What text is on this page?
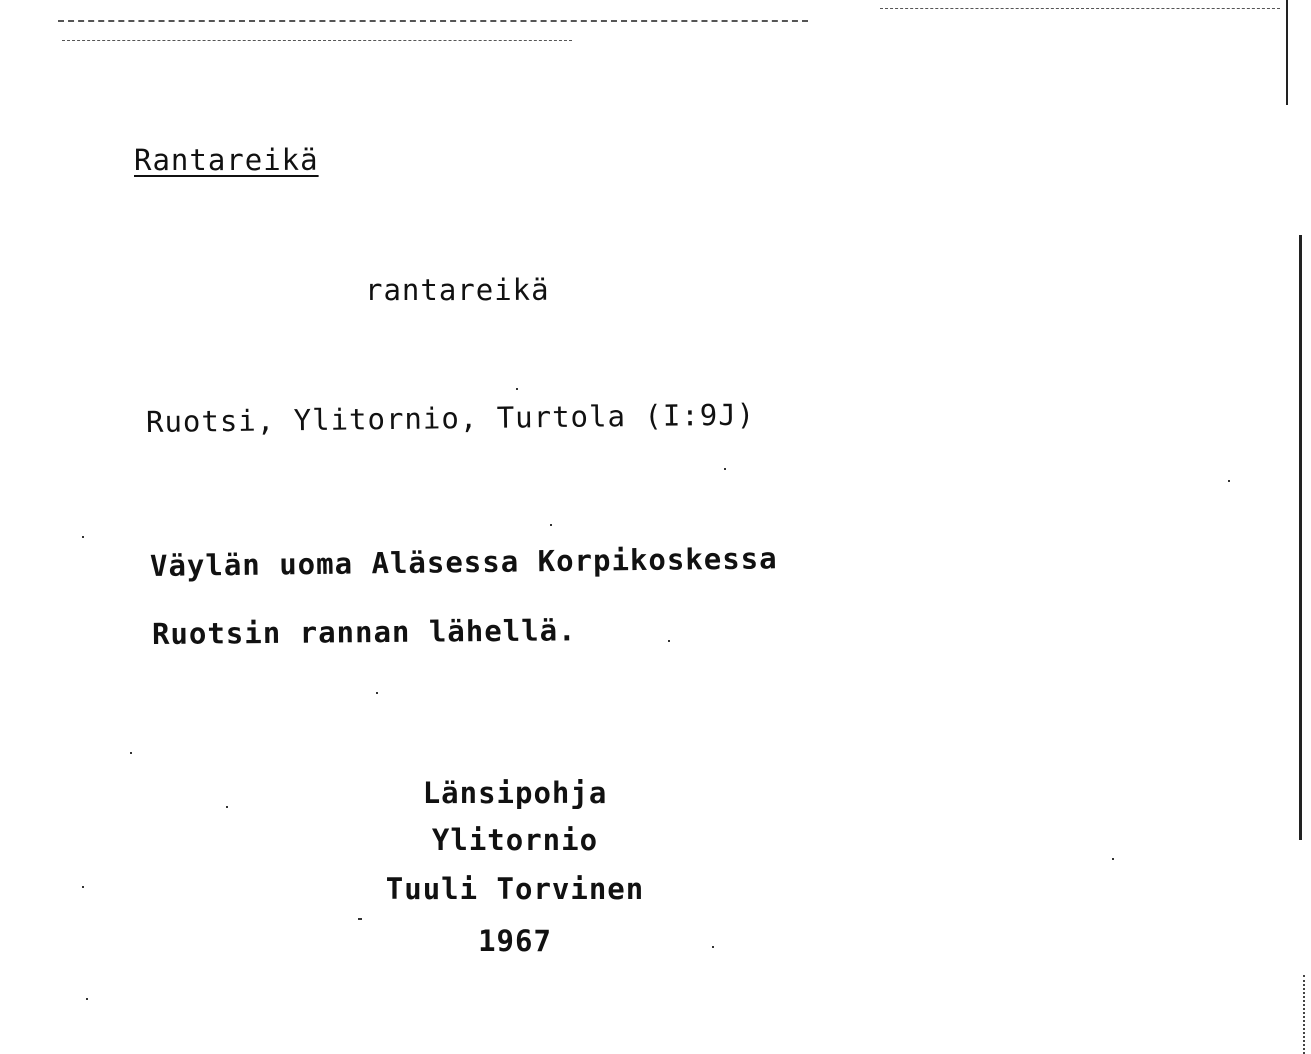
Rantareikä
rantareikä
Ruotsi, Ylitornio, Turtola (I:9J)
Väylän uoma Aläsessa Korpikoskessa
Ruotsin rannan lähellä.
Länsipohja
Ylitornio
Tuuli Torvinen
1967
